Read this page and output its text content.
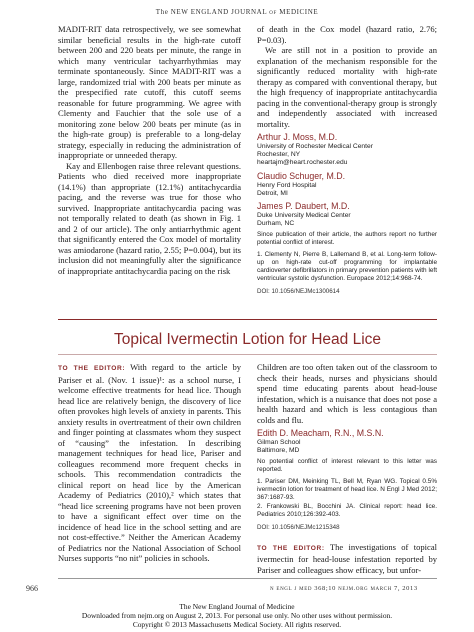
The NEW ENGLAND JOURNAL of MEDICINE

MADIT-RIT data retrospectively, we see somewhat similar beneficial results in the high-rate cutoff between 200 and 220 beats per minute, the range in which many ventricular tachyarrhythmias may terminate spontaneously. Since MADIT-RIT was a large, randomized trial with 200 beats per minute as the prespecified rate cutoff, this cutoff seems reasonable for future programming. We agree with Clementy and Fauchier that the sole use of a monitoring zone below 200 beats per minute (as in the high-rate group) is preferable to a long-delay strategy, especially in reducing the administration of inappropriate or unneeded therapy.

Kay and Ellenbogen raise three relevant questions. Patients who died received more inappropriate (14.1%) than appropriate (12.1%) antitachycardia pacing, and the reverse was true for those who survived. Inappropriate antitachycardia pacing was not temporally related to death (as shown in Fig. 1 and 2 of our article). The only antiarrhythmic agent that significantly entered the Cox model of mortality was amiodarone (hazard ratio, 2.55; P=0.004), but its inclusion did not meaningfully alter the significance of inappropriate antitachycardia pacing on the risk

of death in the Cox model (hazard ratio, 2.76; P=0.03).

We are still not in a position to provide an explanation of the mechanism responsible for the significantly reduced mortality with high-rate therapy as compared with conventional therapy, but the high frequency of inappropriate antitachycardia pacing in the conventional-therapy group is strongly and independently associated with increased mortality.

Arthur J. Moss, M.D.
University of Rochester Medical Center
Rochester, NY
heartajm@heart.rochester.edu
Claudio Schuger, M.D.
Henry Ford Hospital
Detroit, MI
James P. Daubert, M.D.
Duke University Medical Center
Durham, NC
Since publication of their article, the authors report no further potential conflict of interest.
1. Clementy N, Pierre B, Lallemand B, et al. Long-term follow-up on high-rate cut-off programming for implantable cardioverter defibrillators in primary prevention patients with left ventricular systolic dysfunction. Europace 2012;14:968-74.
DOI: 10.1056/NEJMc1300614
Topical Ivermectin Lotion for Head Lice

TO THE EDITOR: With regard to the article by Pariser et al. (Nov. 1 issue)¹: as a school nurse, I welcome effective treatments for head lice. Though head lice are relatively benign, the discovery of lice often provokes high levels of anxiety in parents. This anxiety results in overtreatment of their own children and finger pointing at classmates whom they suspect of “causing” the infestation. In describing management techniques for head lice, Pariser and colleagues recommend more frequent checks in schools. This recommendation contradicts the clinical report on head lice by the American Academy of Pediatrics (2010),² which states that “head lice screening programs have not been proven to have a significant effect over time on the incidence of head lice in the school setting and are not cost-effective.” Neither the American Academy of Pediatrics nor the National Association of School Nurses supports “no nit” policies in schools.

Children are too often taken out of the classroom to check their heads, nurses and physicians should spend time educating parents about head-louse infestation, which is a nuisance that does not pose a health hazard and which is less contagious than colds and flu.

Edith D. Meacham, R.N., M.S.N.
Gilman School
Baltimore, MD
No potential conflict of interest relevant to this letter was reported.
1. Pariser DM, Meinking TL, Bell M, Ryan WG. Topical 0.5% ivermectin lotion for treatment of head lice. N Engl J Med 2012; 367:1687-93.
2. Frankowski BL, Bocchini JA. Clinical report: head lice. Pediatrics 2010;126:392-403.
DOI: 10.1056/NEJMc1215348

TO THE EDITOR: The investigations of topical ivermectin for head-louse infestation reported by Pariser and colleagues show efficacy, but unfor-

966	n engl j med 368;10 nejm.org march 7, 2013
The New England Journal of Medicine
Downloaded from nejm.org on August 2, 2013. For personal use only. No other uses without permission.
Copyright © 2013 Massachusetts Medical Society. All rights reserved.
